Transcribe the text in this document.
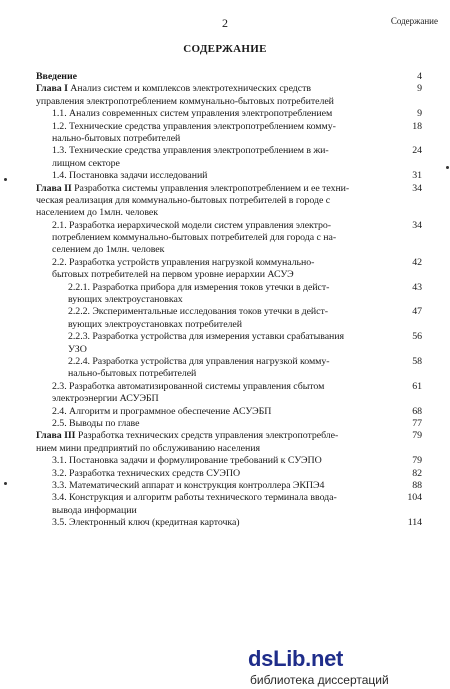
2	Содержание
СОДЕРЖАНИЕ
Введение	4
Глава I Анализ систем и комплексов электротехнических средств	9
управления электропотреблением коммунально-бытовых потребителей
1.1. Анализ современных систем управления электропотреблением	9
1.2. Технические средства управления электропотреблением комму-	18
нально-бытовых потребителей
1.3. Технические средства управления электропотреблением в жи-	24
лищном секторе
1.4. Постановка задачи исследований	31
Глава II Разработка системы управления электропотреблением и ее техни-	34
ческая реализация для коммунально-бытовых потребителей в городе с
населением до 1млн. человек
2.1. Разработка иерархической модели систем управления электро-	34
потреблением коммунально-бытовых потребителей для города с на-
селением до 1млн. человек
2.2. Разработка устройств управления нагрузкой коммунально-	42
бытовых потребителей на первом уровне иерархии АСУЭ
2.2.1. Разработка прибора для измерения токов утечки в дейст-	43
вующих электроустановках
2.2.2. Экспериментальные исследования токов утечки в дейст-	47
вующих электроустановках потребителей
2.2.3. Разработка устройства для измерения уставки срабатывания	56
УЗО
2.2.4. Разработка устройства для управления нагрузкой комму-	58
нально-бытовых потребителей
2.3. Разработка автоматизированной системы управления сбытом	61
электроэнергии АСУЭБП
2.4. Алгоритм и программное обеспечение АСУЭБП	68
2.5. Выводы по главе	77
Глава III Разработка технических средств управления электропотребле-	79
нием мини предприятий по обслуживанию населения
3.1. Постановка задачи и формулирование требований к СУЭПО	79
3.2. Разработка технических средств СУЭПО	82
3.3. Математический аппарат и конструкция контроллера ЭКПЭ4	88
3.4. Конструкция и алгоритм работы технического терминала ввода-	104
вывода информации
3.5. Электронный ключ (кредитная карточка)	114
dsLib.net
библиотека диссертаций
